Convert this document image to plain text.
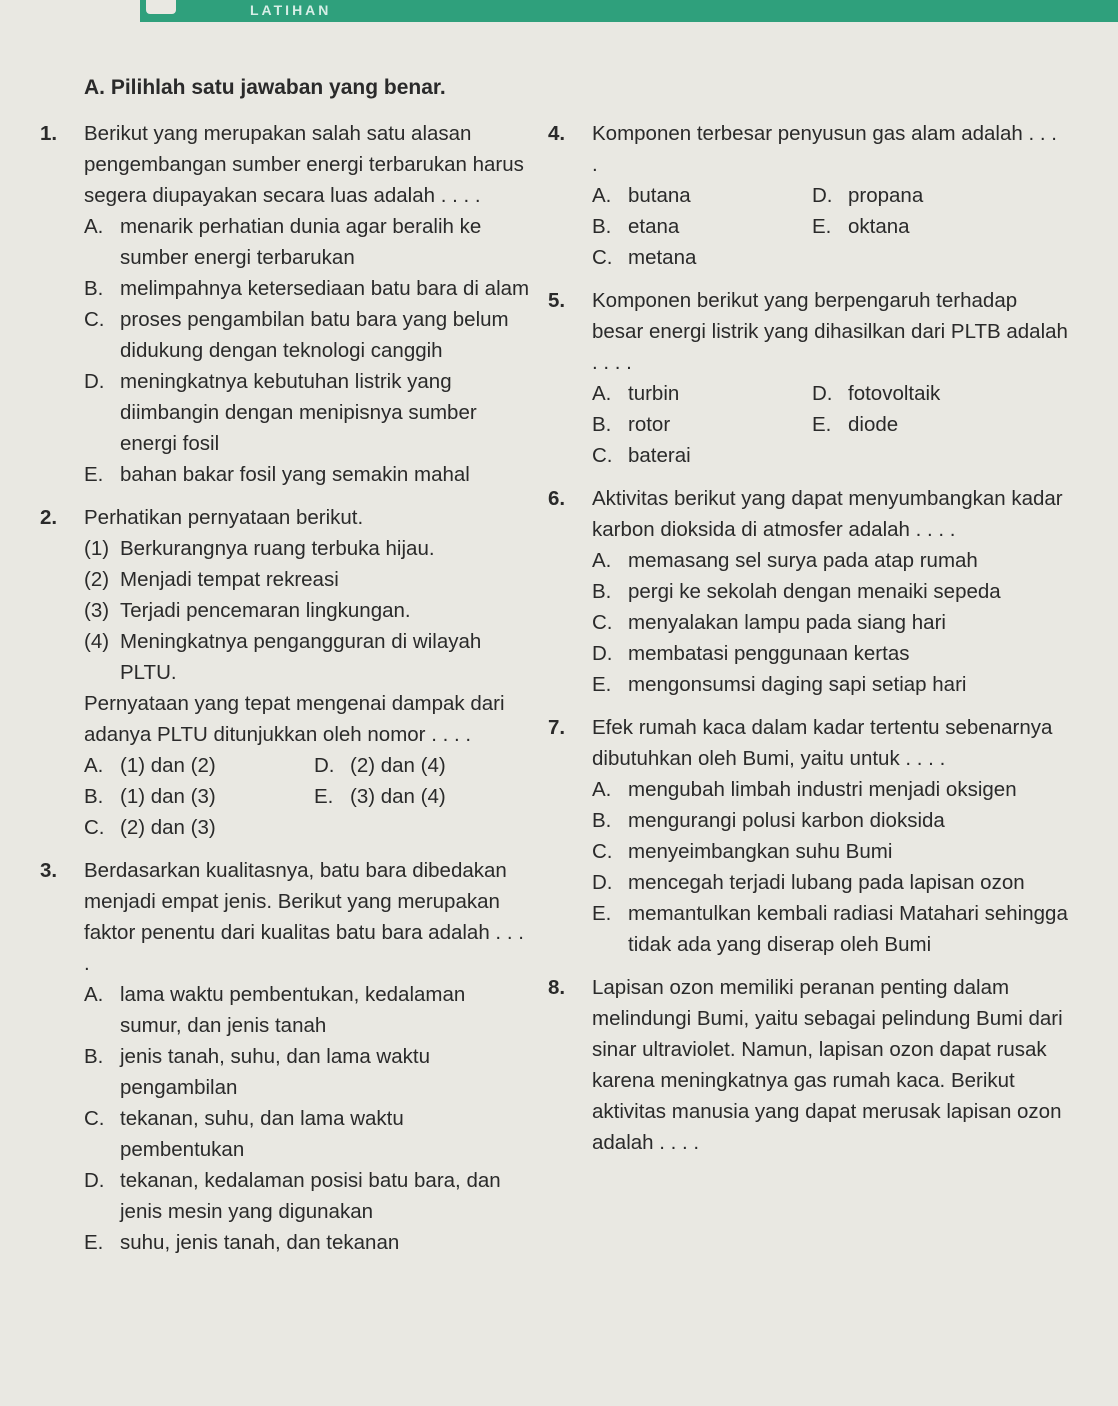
LATIHAN
A. Pilihlah satu jawaban yang benar.
1. Berikut yang merupakan salah satu alasan pengembangan sumber energi terbarukan harus segera diupayakan secara luas adalah . . . .
A. menarik perhatian dunia agar beralih ke sumber energi terbarukan
B. melimpahnya ketersediaan batu bara di alam
C. proses pengambilan batu bara yang belum didukung dengan teknologi canggih
D. meningkatnya kebutuhan listrik yang diimbangin dengan menipisnya sumber energi fosil
E. bahan bakar fosil yang semakin mahal
2. Perhatikan pernyataan berikut.
(1) Berkurangnya ruang terbuka hijau.
(2) Menjadi tempat rekreasi
(3) Terjadi pencemaran lingkungan.
(4) Meningkatnya pengangguran di wilayah PLTU.
Pernyataan yang tepat mengenai dampak dari adanya PLTU ditunjukkan oleh nomor . . . .
A. (1) dan (2)	D. (2) dan (4)
B. (1) dan (3)	E. (3) dan (4)
C. (2) dan (3)
3. Berdasarkan kualitasnya, batu bara dibedakan menjadi empat jenis. Berikut yang merupakan faktor penentu dari kualitas batu bara adalah . . . .
A. lama waktu pembentukan, kedalaman sumur, dan jenis tanah
B. jenis tanah, suhu, dan lama waktu pengambilan
C. tekanan, suhu, dan lama waktu pembentukan
D. tekanan, kedalaman posisi batu bara, dan jenis mesin yang digunakan
E. suhu, jenis tanah, dan tekanan
4. Komponen terbesar penyusun gas alam adalah . . . .
A. butana	D. propana
B. etana	E. oktana
C. metana
5. Komponen berikut yang berpengaruh terhadap besar energi listrik yang dihasilkan dari PLTB adalah . . . .
A. turbin	D. fotovoltaik
B. rotor	E. diode
C. baterai
6. Aktivitas berikut yang dapat menyumbangkan kadar karbon dioksida di atmosfer adalah . . . .
A. memasang sel surya pada atap rumah
B. pergi ke sekolah dengan menaiki sepeda
C. menyalakan lampu pada siang hari
D. membatasi penggunaan kertas
E. mengonsumsi daging sapi setiap hari
7. Efek rumah kaca dalam kadar tertentu sebenarnya dibutuhkan oleh Bumi, yaitu untuk . . . .
A. mengubah limbah industri menjadi oksigen
B. mengurangi polusi karbon dioksida
C. menyeimbangkan suhu Bumi
D. mencegah terjadi lubang pada lapisan ozon
E. memantulkan kembali radiasi Matahari sehingga tidak ada yang diserap oleh Bumi
8. Lapisan ozon memiliki peranan penting dalam melindungi Bumi, yaitu sebagai pelindung Bumi dari sinar ultraviolet. Namun, lapisan ozon dapat rusak karena meningkatnya gas rumah kaca. Berikut aktivitas manusia yang dapat merusak lapisan ozon adalah . . . .
